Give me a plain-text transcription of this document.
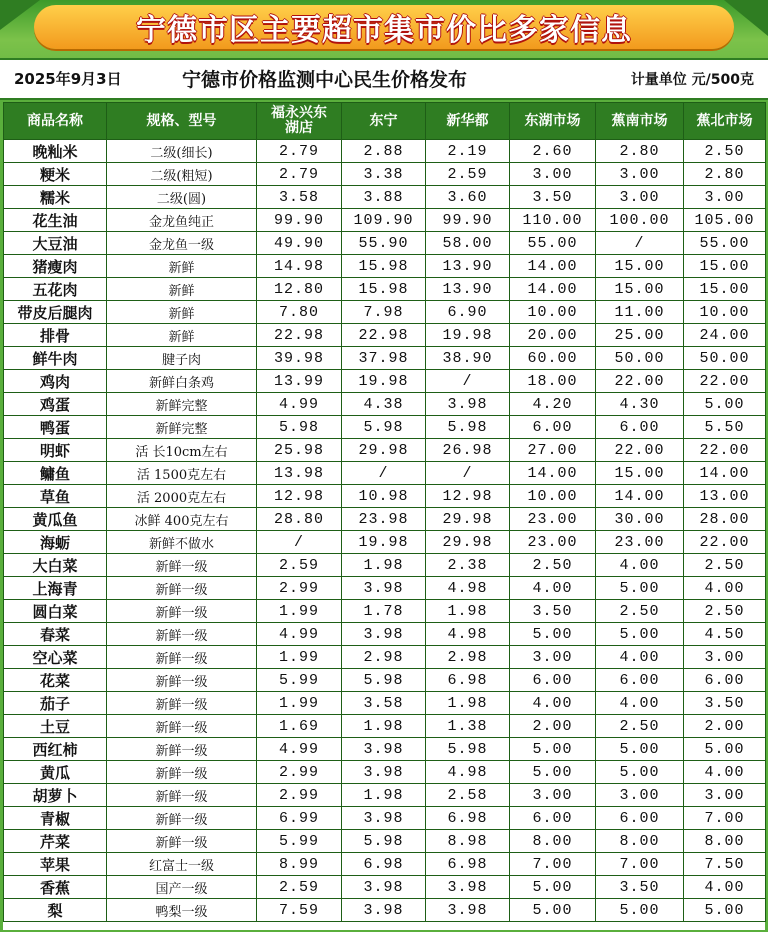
宁德市区主要超市集市价比多家信息
2025年9月3日	宁德市价格监测中心民生价格发布	计量单位 元/500克
商品名称	规格、型号	福永兴东湖店	东宁	新华都	东湖市场	蕉南市场	蕉北市场
晚籼米	二级(细长)	2.79	2.88	2.19	2.60	2.80	2.50
粳米	二级(粗短)	2.79	3.38	2.59	3.00	3.00	2.80
糯米	二级(圆)	3.58	3.88	3.60	3.50	3.00	3.00
花生油	金龙鱼纯正	99.90	109.90	99.90	110.00	100.00	105.00
大豆油	金龙鱼一级	49.90	55.90	58.00	55.00	/	55.00
猪瘦肉	新鲜	14.98	15.98	13.90	14.00	15.00	15.00
五花肉	新鲜	12.80	15.98	13.90	14.00	15.00	15.00
带皮后腿肉	新鲜	7.80	7.98	6.90	10.00	11.00	10.00
排骨	新鲜	22.98	22.98	19.98	20.00	25.00	24.00
鲜牛肉	腱子肉	39.98	37.98	38.90	60.00	50.00	50.00
鸡肉	新鲜白条鸡	13.99	19.98	/	18.00	22.00	22.00
鸡蛋	新鲜完整	4.99	4.38	3.98	4.20	4.30	5.00
鸭蛋	新鲜完整	5.98	5.98	5.98	6.00	6.00	5.50
明虾	活 长10cm左右	25.98	29.98	26.98	27.00	22.00	22.00
鳙鱼	活 1500克左右	13.98	/	/	14.00	15.00	14.00
草鱼	活 2000克左右	12.98	10.98	12.98	10.00	14.00	13.00
黄瓜鱼	冰鲜 400克左右	28.80	23.98	29.98	23.00	30.00	28.00
海蛎	新鲜不做水	/	19.98	29.98	23.00	23.00	22.00
大白菜	新鲜一级	2.59	1.98	2.38	2.50	4.00	2.50
上海青	新鲜一级	2.99	3.98	4.98	4.00	5.00	4.00
圆白菜	新鲜一级	1.99	1.78	1.98	3.50	2.50	2.50
春菜	新鲜一级	4.99	3.98	4.98	5.00	5.00	4.50
空心菜	新鲜一级	1.99	2.98	2.98	3.00	4.00	3.00
花菜	新鲜一级	5.99	5.98	6.98	6.00	6.00	6.00
茄子	新鲜一级	1.99	3.58	1.98	4.00	4.00	3.50
土豆	新鲜一级	1.69	1.98	1.38	2.00	2.50	2.00
西红柿	新鲜一级	4.99	3.98	5.98	5.00	5.00	5.00
黄瓜	新鲜一级	2.99	3.98	4.98	5.00	5.00	4.00
胡萝卜	新鲜一级	2.99	1.98	2.58	3.00	3.00	3.00
青椒	新鲜一级	6.99	3.98	6.98	6.00	6.00	7.00
芹菜	新鲜一级	5.99	5.98	8.98	8.00	8.00	8.00
苹果	红富士一级	8.99	6.98	6.98	7.00	7.00	7.50
香蕉	国产一级	2.59	3.98	3.98	5.00	3.50	4.00
梨	鸭梨一级	7.59	3.98	3.98	5.00	5.00	5.00
